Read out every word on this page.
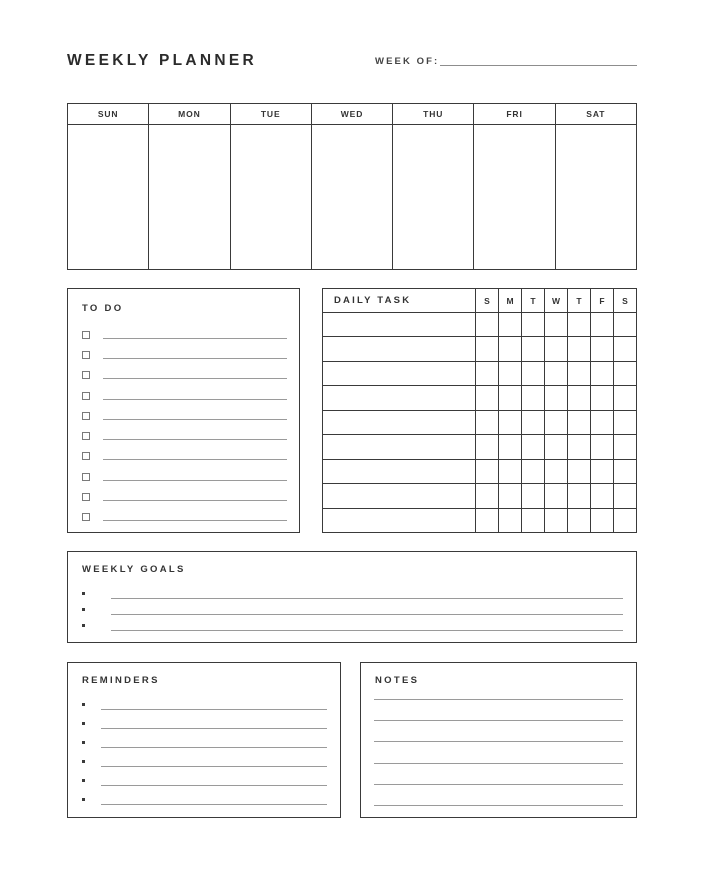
WEEKLY PLANNER	WEEK OF:
SUN	MON	TUE	WED	THU	FRI	SAT
TO DO
DAILY TASK	S	M	T	W	T	F	S

WEEKLY GOALS
REMINDERS	NOTES
